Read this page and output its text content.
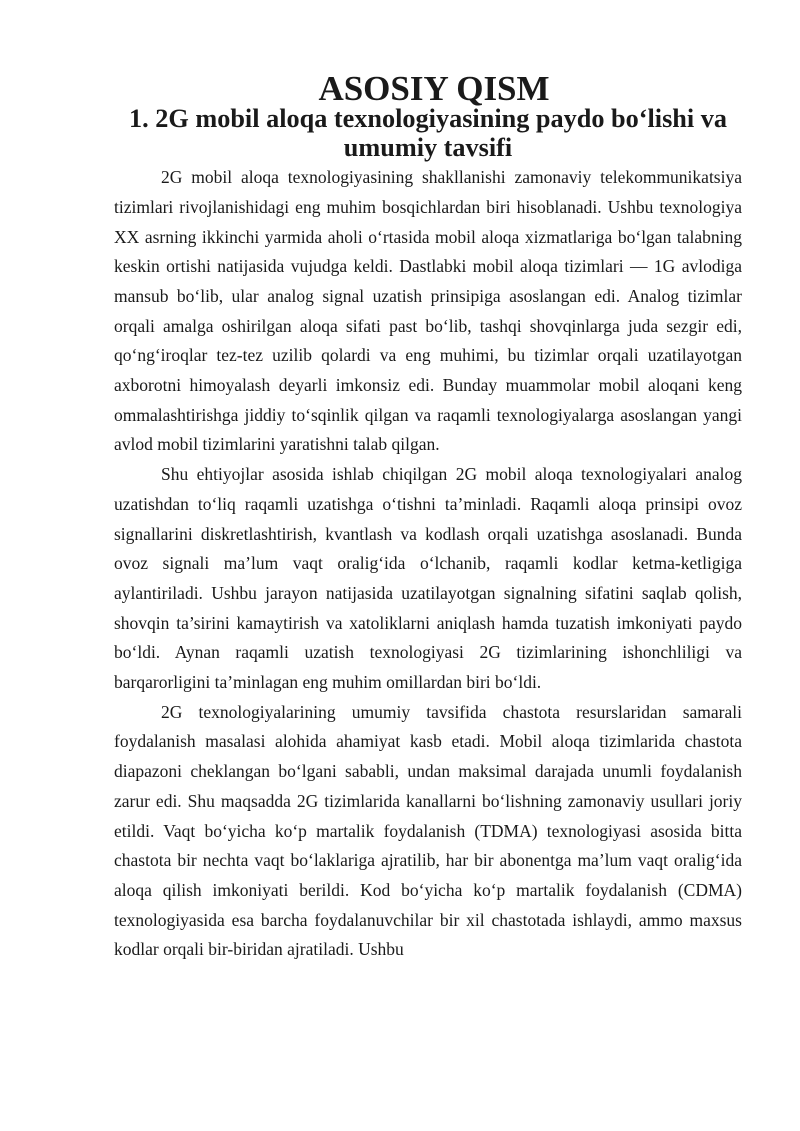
ASOSIY QISM
1. 2G mobil aloqa texnologiyasining paydo bo‘lishi va umumiy tavsifi

2G mobil aloqa texnologiyasining shakllanishi zamonaviy telekommunikatsiya tizimlari rivojlanishidagi eng muhim bosqichlardan biri hisoblanadi. Ushbu texnologiya XX asrning ikkinchi yarmida aholi o‘rtasida mobil aloqa xizmatlariga bo‘lgan talabning keskin ortishi natijasida vujudga keldi. Dastlabki mobil aloqa tizimlari — 1G avlodiga mansub bo‘lib, ular analog signal uzatish prinsipiga asoslangan edi. Analog tizimlar orqali amalga oshirilgan aloqa sifati past bo‘lib, tashqi shovqinlarga juda sezgir edi, qo‘ng‘iroqlar tez-tez uzilib qolardi va eng muhimi, bu tizimlar orqali uzatilayotgan axborotni himoyalash deyarli imkonsiz edi. Bunday muammolar mobil aloqani keng ommalashtirishga jiddiy to‘sqinlik qilgan va raqamli texnologiyalarga asoslangan yangi avlod mobil tizimlarini yaratishni talab qilgan.

Shu ehtiyojlar asosida ishlab chiqilgan 2G mobil aloqa texnologiyalari analog uzatishdan to‘liq raqamli uzatishga o‘tishni ta’minladi. Raqamli aloqa prinsipi ovoz signallarini diskretlashtirish, kvantlash va kodlash orqali uzatishga asoslanadi. Bunda ovoz signali ma’lum vaqt oralig‘ida o‘lchanib, raqamli kodlar ketma-ketligiga aylantiriladi. Ushbu jarayon natijasida uzatilayotgan signalning sifatini saqlab qolish, shovqin ta’sirini kamaytirish va xatoliklarni aniqlash hamda tuzatish imkoniyati paydo bo‘ldi. Aynan raqamli uzatish texnologiyasi 2G tizimlarining ishonchliligi va barqarorligini ta’minlagan eng muhim omillardan biri bo‘ldi.

2G texnologiyalarining umumiy tavsifida chastota resurslaridan samarali foydalanish masalasi alohida ahamiyat kasb etadi. Mobil aloqa tizimlarida chastota diapazoni cheklangan bo‘lgani sababli, undan maksimal darajada unumli foydalanish zarur edi. Shu maqsadda 2G tizimlarida kanallarni bo‘lishning zamonaviy usullari joriy etildi. Vaqt bo‘yicha ko‘p martalik foydalanish (TDMA) texnologiyasi asosida bitta chastota bir nechta vaqt bo‘laklariga ajratilib, har bir abonentga ma’lum vaqt oralig‘ida aloqa qilish imkoniyati berildi. Kod bo‘yicha ko‘p martalik foydalanish (CDMA) texnologiyasida esa barcha foydalanuvchilar bir xil chastotada ishlaydi, ammo maxsus kodlar orqali bir-biridan ajratiladi. Ushbu
